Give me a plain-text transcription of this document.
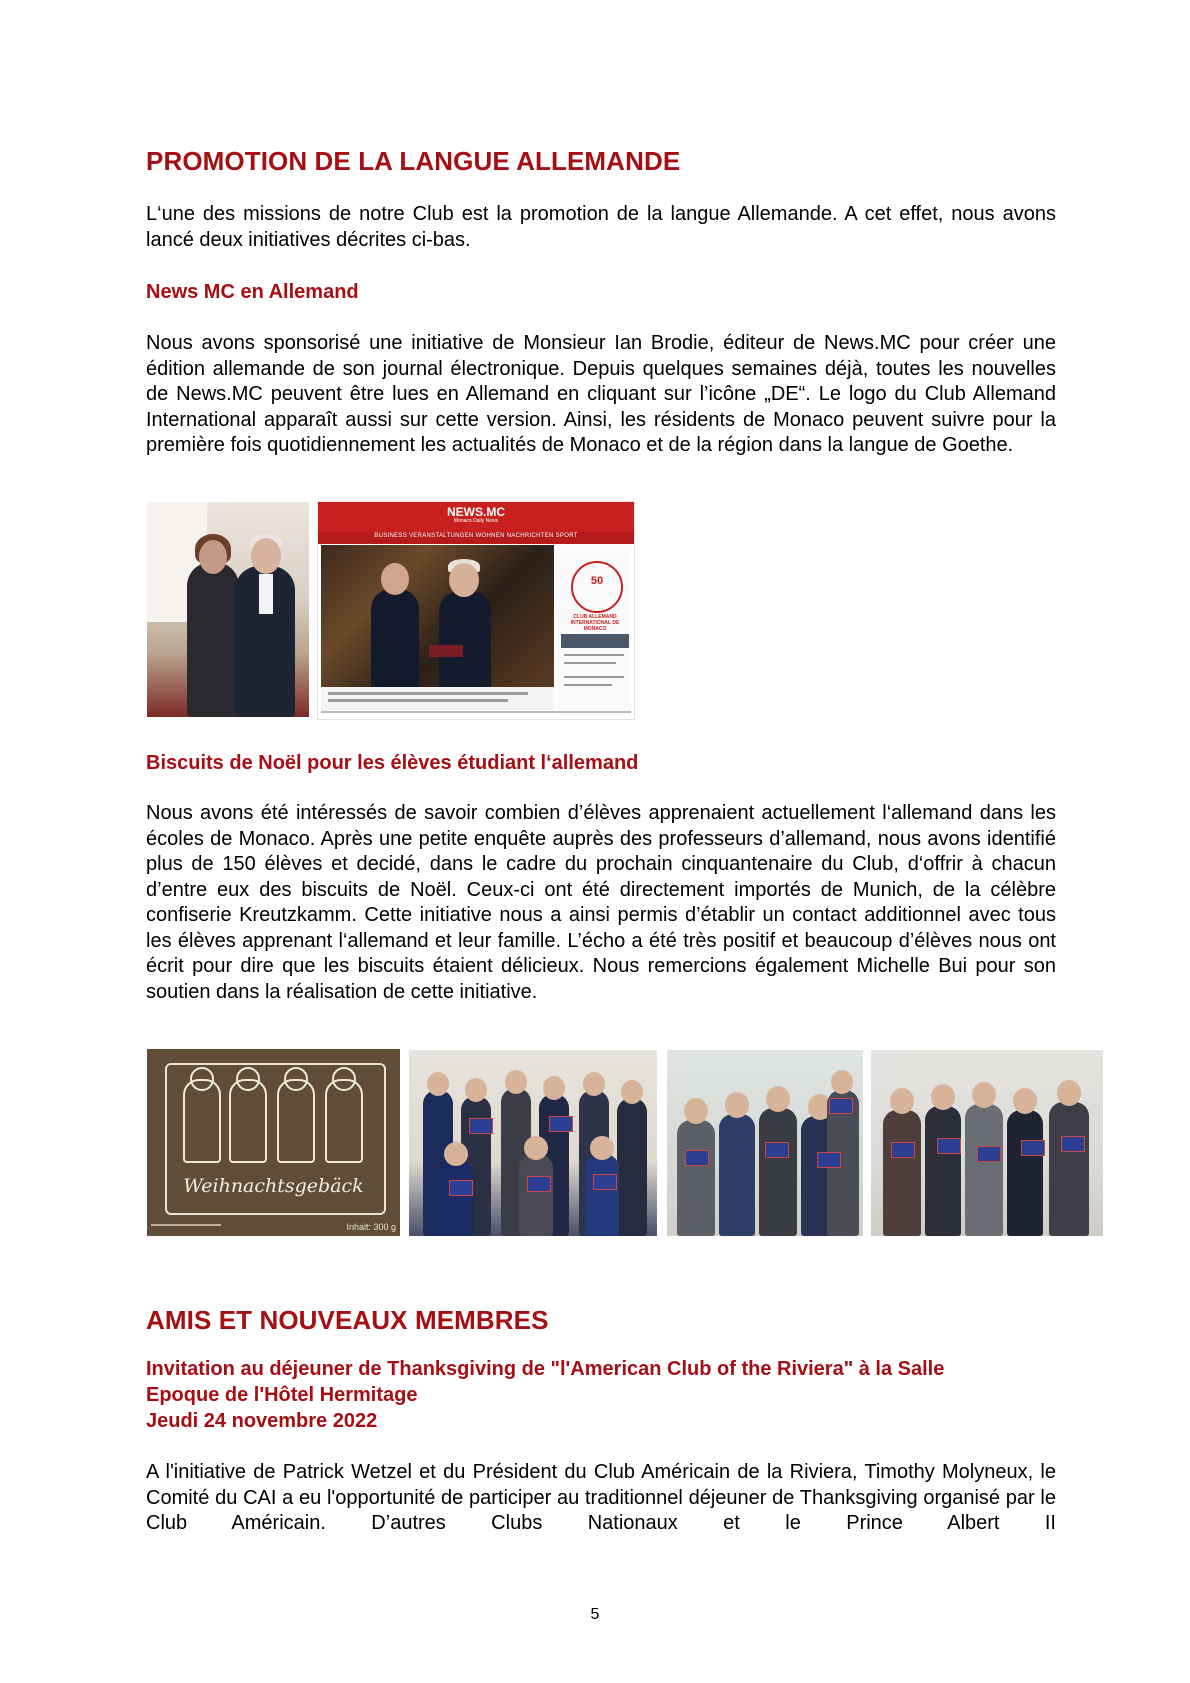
PROMOTION DE LA LANGUE ALLEMANDE

L‘une des missions de notre Club est la promotion de la langue Allemande. A cet effet, nous avons lancé deux initiatives décrites ci-bas.

News MC en Allemand

Nous avons sponsorisé une initiative de Monsieur Ian Brodie, éditeur de News.MC pour créer une édition allemande de son journal électronique. Depuis quelques semaines déjà, toutes les nouvelles de News.MC peuvent être lues en Allemand en cliquant sur l’icône „DE“. Le logo du Club Allemand International apparaît aussi sur cette version. Ainsi, les résidents de Monaco peuvent suivre pour la première fois quotidiennement les actualités de Monaco et de la région dans la langue de Goethe.

NEWS.MC
Monaco Daily News
BUSINESS VERANSTALTUNGEN WOHNEN NACHRICHTEN SPORT
50
CLUB ALLEMAND INTERNATIONAL DE MONACO
Biscuits de Noël pour les élèves étudiant l‘allemand

Nous avons été intéressés de savoir combien d’élèves apprenaient actuellement l‘allemand dans les écoles de Monaco. Après une petite enquête auprès des professeurs d’allemand, nous avons identifié plus de 150 élèves et decidé, dans le cadre du prochain cinquantenaire du Club, d‘offrir à chacun d’entre eux des biscuits de Noël. Ceux-ci ont été directement importés de Munich, de la célèbre confiserie Kreutzkamm. Cette initiative nous a ainsi permis d’établir un contact additionnel avec tous les élèves apprenant l‘allemand et leur famille. L’écho a été très positif et beaucoup d’élèves nous ont écrit pour dire que les biscuits étaient délicieux. Nous remercions également Michelle Bui pour son soutien dans la réalisation de cette initiative.

Weihnachtsgebäck
Inhalt: 300 g
AMIS ET NOUVEAUX MEMBRES
Invitation au déjeuner de Thanksgiving de "l'American Club of the Riviera" à la Salle
Epoque de l'Hôtel Hermitage
Jeudi 24 novembre 2022

A l'initiative de Patrick Wetzel et du Président du Club Américain de la Riviera, Timothy Molyneux, le Comité du CAI a eu l'opportunité de participer au traditionnel déjeuner de Thanksgiving organisé par le Club Américain. D’autres Clubs Nationaux et le Prince Albert II

5
